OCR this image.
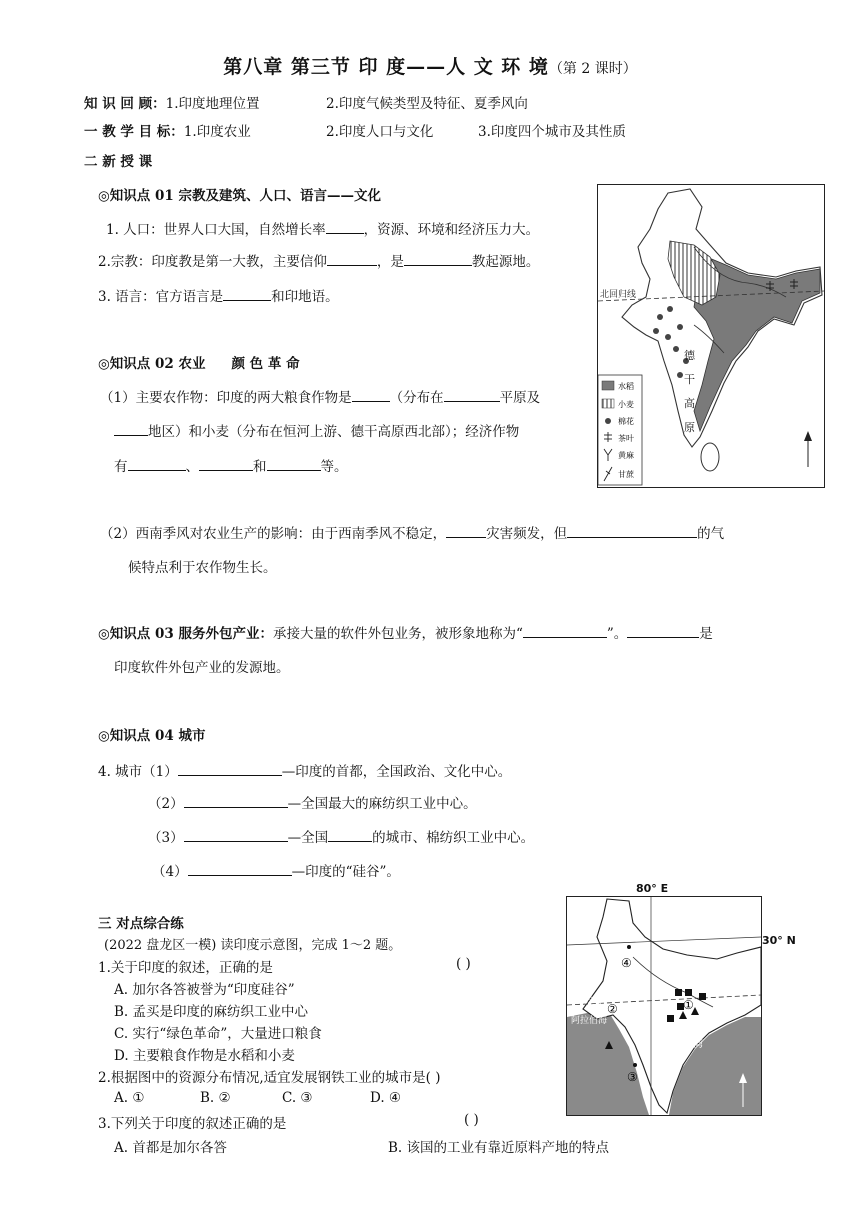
第八章 第三节 印 度——人 文 环 境（第 2 课时）
知 识 回 顾：1.印度地理位置	2.印度气候类型及特征、夏季风向
一 教 学 目 标：1.印度农业	2.印度人口与文化	3.印度四个城市及其性质
二 新 授 课
◎知识点 01 宗教及建筑、人口、语言——文化
1. 人口：世界人口大国，自然增长率	，资源、环境和经济压力大。
2.宗教：印度教是第一大教，主要信仰	，是	教起源地。
3. 语言：官方语言是	和印地语。
◎知识点 02 农业 颜 色 革 命
（1）主要农作物：印度的两大粮食作物是	（分布在	平原及
地区）和小麦（分布在恒河上游、德干高原西北部）；经济作物
有	、	和	等。
（2）西南季风对农业生产的影响：由于西南季风不稳定，	灾害频发，但	的气
候特点利于农作物生长。
◎知识点 03 服务外包产业：承接大量的软件外包业务，被形象地称为“	”。	是
印度软件外包产业的发源地。
◎知识点 04 城市
4. 城市（1）	—印度的首都，全国政治、文化中心。
（2）	—全国最大的麻纺织工业中心。
（3）	—全国	的城市、棉纺织工业中心。
（4）	—印度的“硅谷”。
三 对点综合练
(2022 盘龙区一模) 读印度示意图，完成 1～2 题。
1.关于印度的叙述，正确的是	( )
A. 加尔各答被誉为“印度硅谷”
B. 孟买是印度的麻纺织工业中心
C. 实行“绿色革命”，大量进口粮食
D. 主要粮食作物是水稻和小麦
2.根据图中的资源分布情况,适宜发展钢铁工业的城市是( )
A. ①	B. ②	C. ③	D. ④
3.下列关于印度的叙述正确的是	( )
A. 首都是加尔各答	B. 该国的工业有靠近原料产地的特点
北回归线
德
干
高
原
水稻
小麦
棉花
茶叶
黄麻
甘蔗
80° E
30° N
北回归线
阿拉伯海
孟加拉湾
④
①
②
③
